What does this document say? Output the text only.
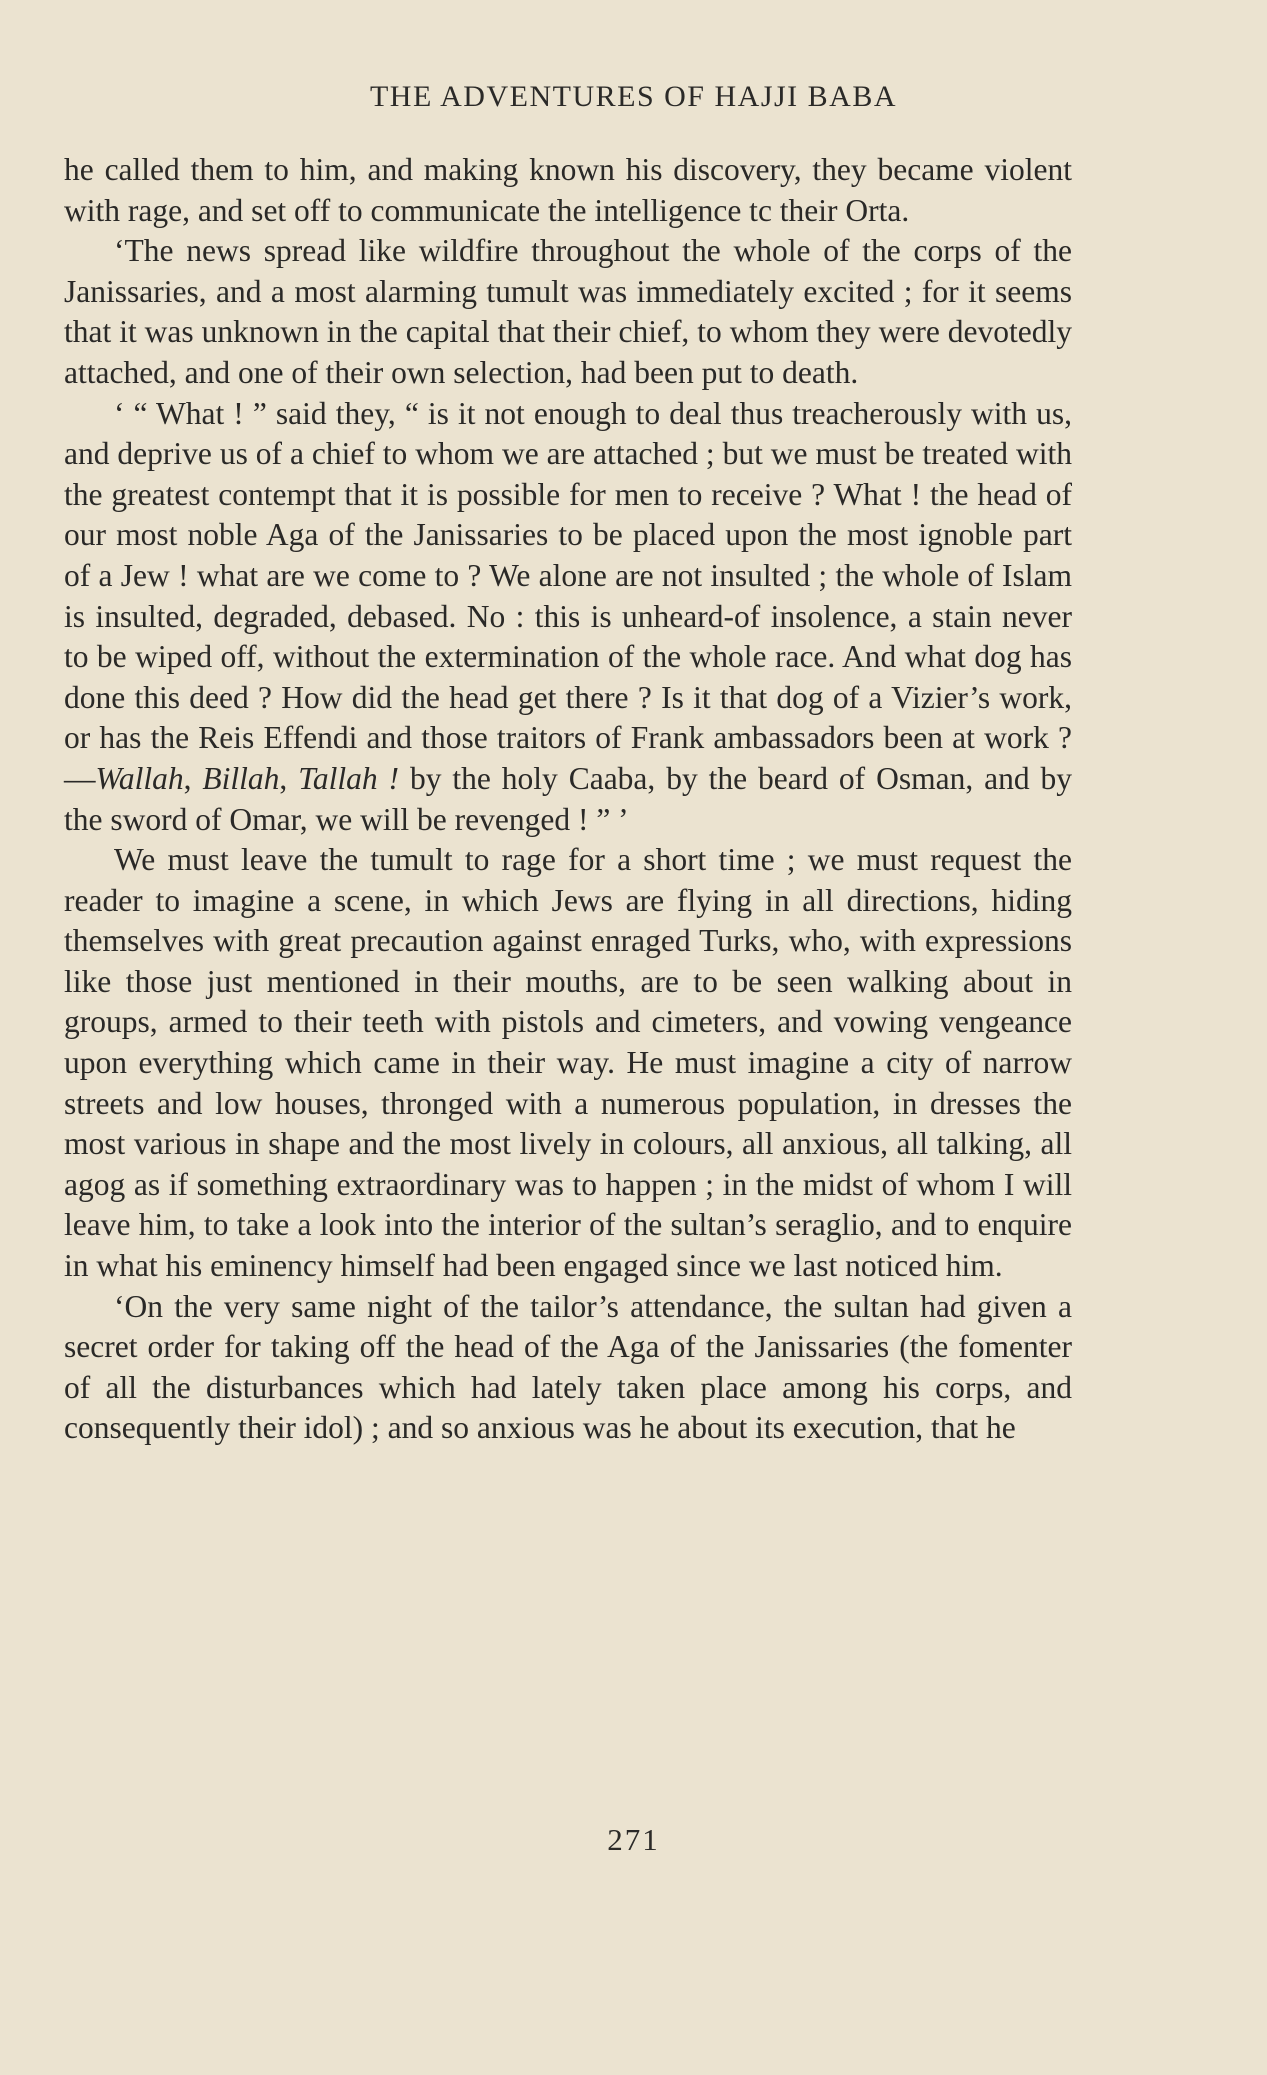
THE ADVENTURES OF HAJJI BABA

he called them to him, and making known his discovery, they became violent with rage, and set off to communicate the intelligence tc their Orta.

‘The news spread like wildfire throughout the whole of the corps of the Janissaries, and a most alarming tumult was immediately excited ; for it seems that it was unknown in the capital that their chief, to whom they were devotedly attached, and one of their own selection, had been put to death.

‘ “ What ! ” said they, “ is it not enough to deal thus treacherously with us, and deprive us of a chief to whom we are attached ; but we must be treated with the greatest contempt that it is possible for men to receive ? What ! the head of our most noble Aga of the Janissaries to be placed upon the most ignoble part of a Jew ! what are we come to ? We alone are not insulted ; the whole of Islam is insulted, degraded, debased. No : this is unheard-of insolence, a stain never to be wiped off, without the extermination of the whole race. And what dog has done this deed ? How did the head get there ? Is it that dog of a Vizier’s work, or has the Reis Effendi and those traitors of Frank ambassadors been at work ? —Wallah, Billah, Tallah ! by the holy Caaba, by the beard of Osman, and by the sword of Omar, we will be revenged ! ” ’

We must leave the tumult to rage for a short time ; we must request the reader to imagine a scene, in which Jews are flying in all directions, hiding themselves with great precaution against enraged Turks, who, with expressions like those just mentioned in their mouths, are to be seen walking about in groups, armed to their teeth with pistols and cimeters, and vowing vengeance upon everything which came in their way. He must imagine a city of narrow streets and low houses, thronged with a numerous population, in dresses the most various in shape and the most lively in colours, all anxious, all talking, all agog as if something extraordinary was to happen ; in the midst of whom I will leave him, to take a look into the interior of the sultan’s seraglio, and to enquire in what his eminency himself had been engaged since we last noticed him.

‘On the very same night of the tailor’s attendance, the sultan had given a secret order for taking off the head of the Aga of the Janissaries (the fomenter of all the disturbances which had lately taken place among his corps, and consequently their idol) ; and so anxious was he about its execution, that he

271
